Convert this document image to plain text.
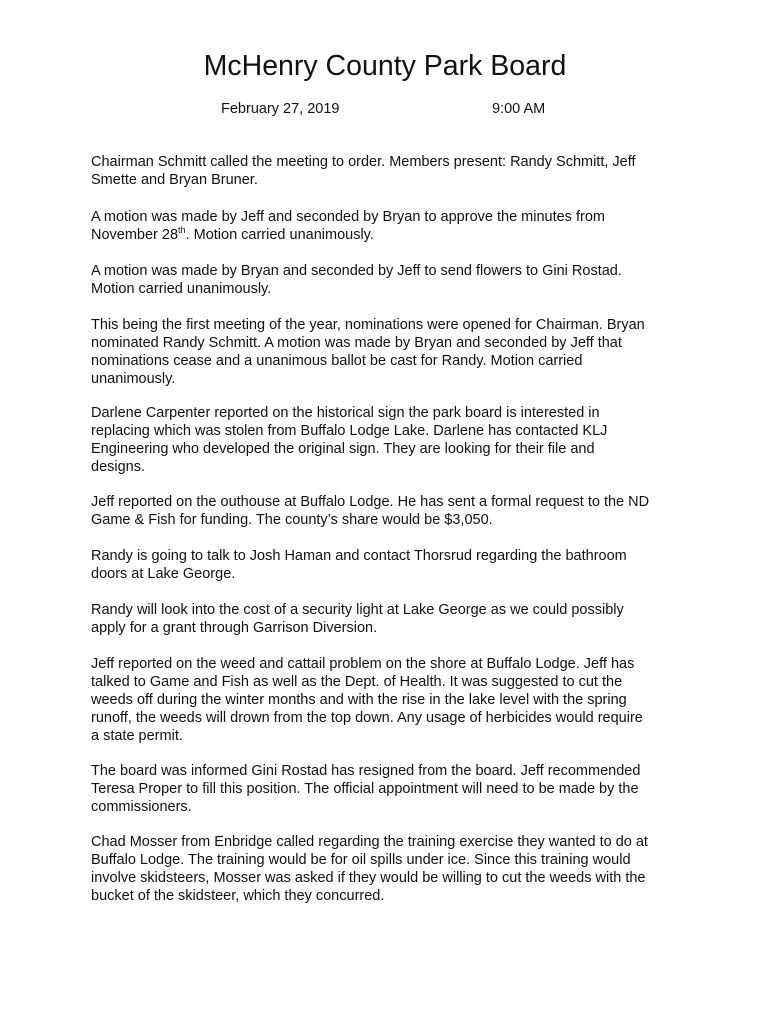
McHenry County Park Board
February 27, 2019	9:00 AM

Chairman Schmitt called the meeting to order. Members present: Randy Schmitt, Jeff
Smette and Bryan Bruner.

A motion was made by Jeff and seconded by Bryan to approve the minutes from
November 28th. Motion carried unanimously.

A motion was made by Bryan and seconded by Jeff to send flowers to Gini Rostad.
Motion carried unanimously.

This being the first meeting of the year, nominations were opened for Chairman. Bryan
nominated Randy Schmitt. A motion was made by Bryan and seconded by Jeff that
nominations cease and a unanimous ballot be cast for Randy. Motion carried
unanimously.

Darlene Carpenter reported on the historical sign the park board is interested in
replacing which was stolen from Buffalo Lodge Lake. Darlene has contacted KLJ
Engineering who developed the original sign. They are looking for their file and
designs.

Jeff reported on the outhouse at Buffalo Lodge. He has sent a formal request to the ND
Game & Fish for funding. The county’s share would be $3,050.

Randy is going to talk to Josh Haman and contact Thorsrud regarding the bathroom
doors at Lake George.

Randy will look into the cost of a security light at Lake George as we could possibly
apply for a grant through Garrison Diversion.

Jeff reported on the weed and cattail problem on the shore at Buffalo Lodge. Jeff has
talked to Game and Fish as well as the Dept. of Health. It was suggested to cut the
weeds off during the winter months and with the rise in the lake level with the spring
runoff, the weeds will drown from the top down. Any usage of herbicides would require
a state permit.

The board was informed Gini Rostad has resigned from the board. Jeff recommended
Teresa Proper to fill this position. The official appointment will need to be made by the
commissioners.

Chad Mosser from Enbridge called regarding the training exercise they wanted to do at
Buffalo Lodge. The training would be for oil spills under ice. Since this training would
involve skidsteers, Mosser was asked if they would be willing to cut the weeds with the
bucket of the skidsteer, which they concurred.
